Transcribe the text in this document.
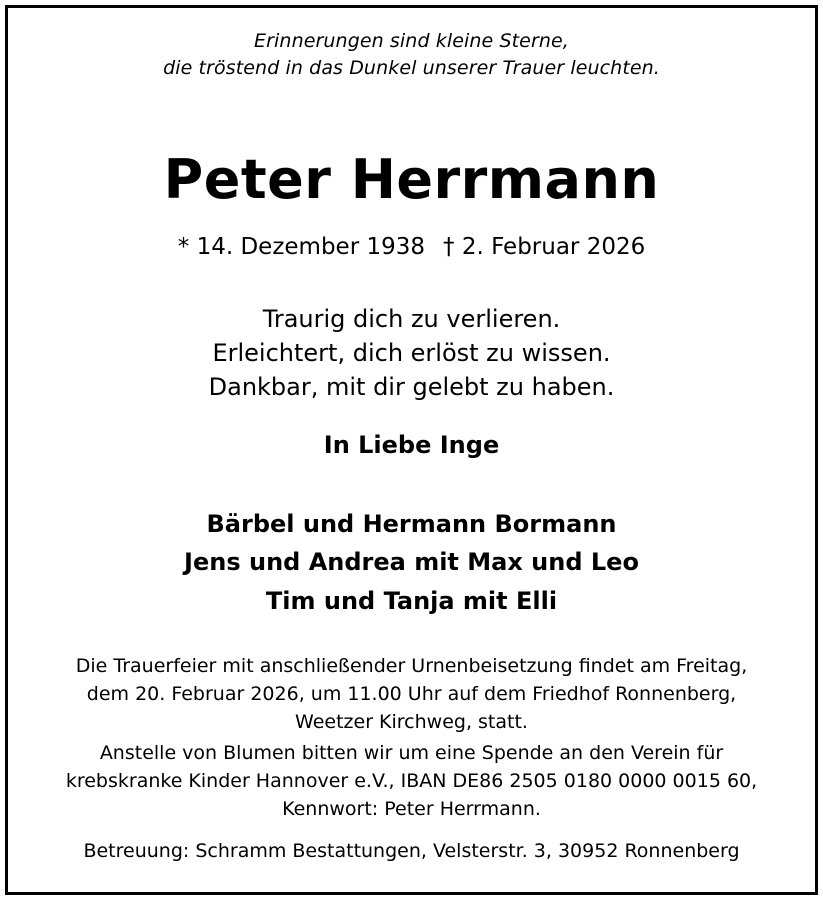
Erinnerungen sind kleine Sterne,
die tröstend in das Dunkel unserer Trauer leuchten.
Peter Herrmann
* 14. Dezember 1938 † 2. Februar 2026
Traurig dich zu verlieren.
Erleichtert, dich erlöst zu wissen.
Dankbar, mit dir gelebt zu haben.
In Liebe Inge
Bärbel und Hermann Bormann
Jens und Andrea mit Max und Leo
Tim und Tanja mit Elli
Die Trauerfeier mit anschließender Urnenbeisetzung findet am Freitag,
dem 20. Februar 2026, um 11.00 Uhr auf dem Friedhof Ronnenberg,
Weetzer Kirchweg, statt.
Anstelle von Blumen bitten wir um eine Spende an den Verein für
krebskranke Kinder Hannover e.V., IBAN DE86 2505 0180 0000 0015 60,
Kennwort: Peter Herrmann.
Betreuung: Schramm Bestattungen, Velsterstr. 3, 30952 Ronnenberg
